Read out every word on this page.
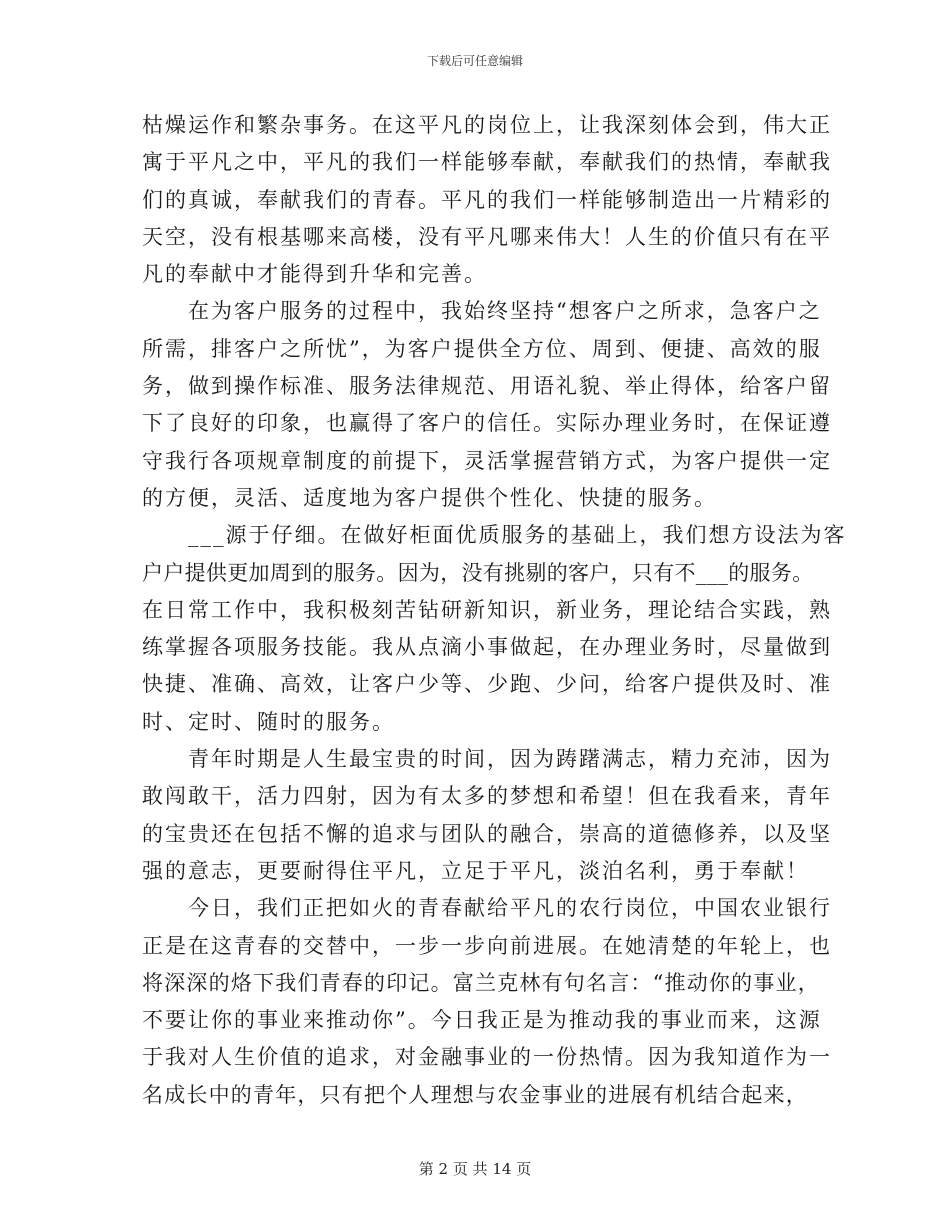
下载后可任意编辑
枯燥运作和繁杂事务。在这平凡的岗位上，让我深刻体会到，伟大正
寓于平凡之中，平凡的我们一样能够奉献，奉献我们的热情，奉献我
们的真诚，奉献我们的青春。平凡的我们一样能够制造出一片精彩的
天空，没有根基哪来高楼，没有平凡哪来伟大！人生的价值只有在平
凡的奉献中才能得到升华和完善。
在为客户服务的过程中，我始终坚持“想客户之所求，急客户之
所需，排客户之所忧”，为客户提供全方位、周到、便捷、高效的服
务，做到操作标准、服务法律规范、用语礼貌、举止得体，给客户留
下了良好的印象，也赢得了客户的信任。实际办理业务时，在保证遵
守我行各项规章制度的前提下，灵活掌握营销方式，为客户提供一定
的方便，灵活、适度地为客户提供个性化、快捷的服务。
___源于仔细。在做好柜面优质服务的基础上，我们想方设法为客
户户提供更加周到的服务。因为，没有挑剔的客户，只有不___的服务。
在日常工作中，我积极刻苦钻研新知识，新业务，理论结合实践，熟
练掌握各项服务技能。我从点滴小事做起，在办理业务时，尽量做到
快捷、准确、高效，让客户少等、少跑、少问，给客户提供及时、准
时、定时、随时的服务。
青年时期是人生最宝贵的时间，因为踌躇满志，精力充沛，因为
敢闯敢干，活力四射，因为有太多的梦想和希望！但在我看来，青年
的宝贵还在包括不懈的追求与团队的融合，崇高的道德修养，以及坚
强的意志，更要耐得住平凡，立足于平凡，淡泊名利，勇于奉献！
今日，我们正把如火的青春献给平凡的农行岗位，中国农业银行
正是在这青春的交替中，一步一步向前进展。在她清楚的年轮上，也
将深深的烙下我们青春的印记。富兰克林有句名言：“推动你的事业，
不要让你的事业来推动你”。今日我正是为推动我的事业而来，这源
于我对人生价值的追求，对金融事业的一份热情。因为我知道作为一
名成长中的青年，只有把个人理想与农金事业的进展有机结合起来，
第 2 页 共 14 页
